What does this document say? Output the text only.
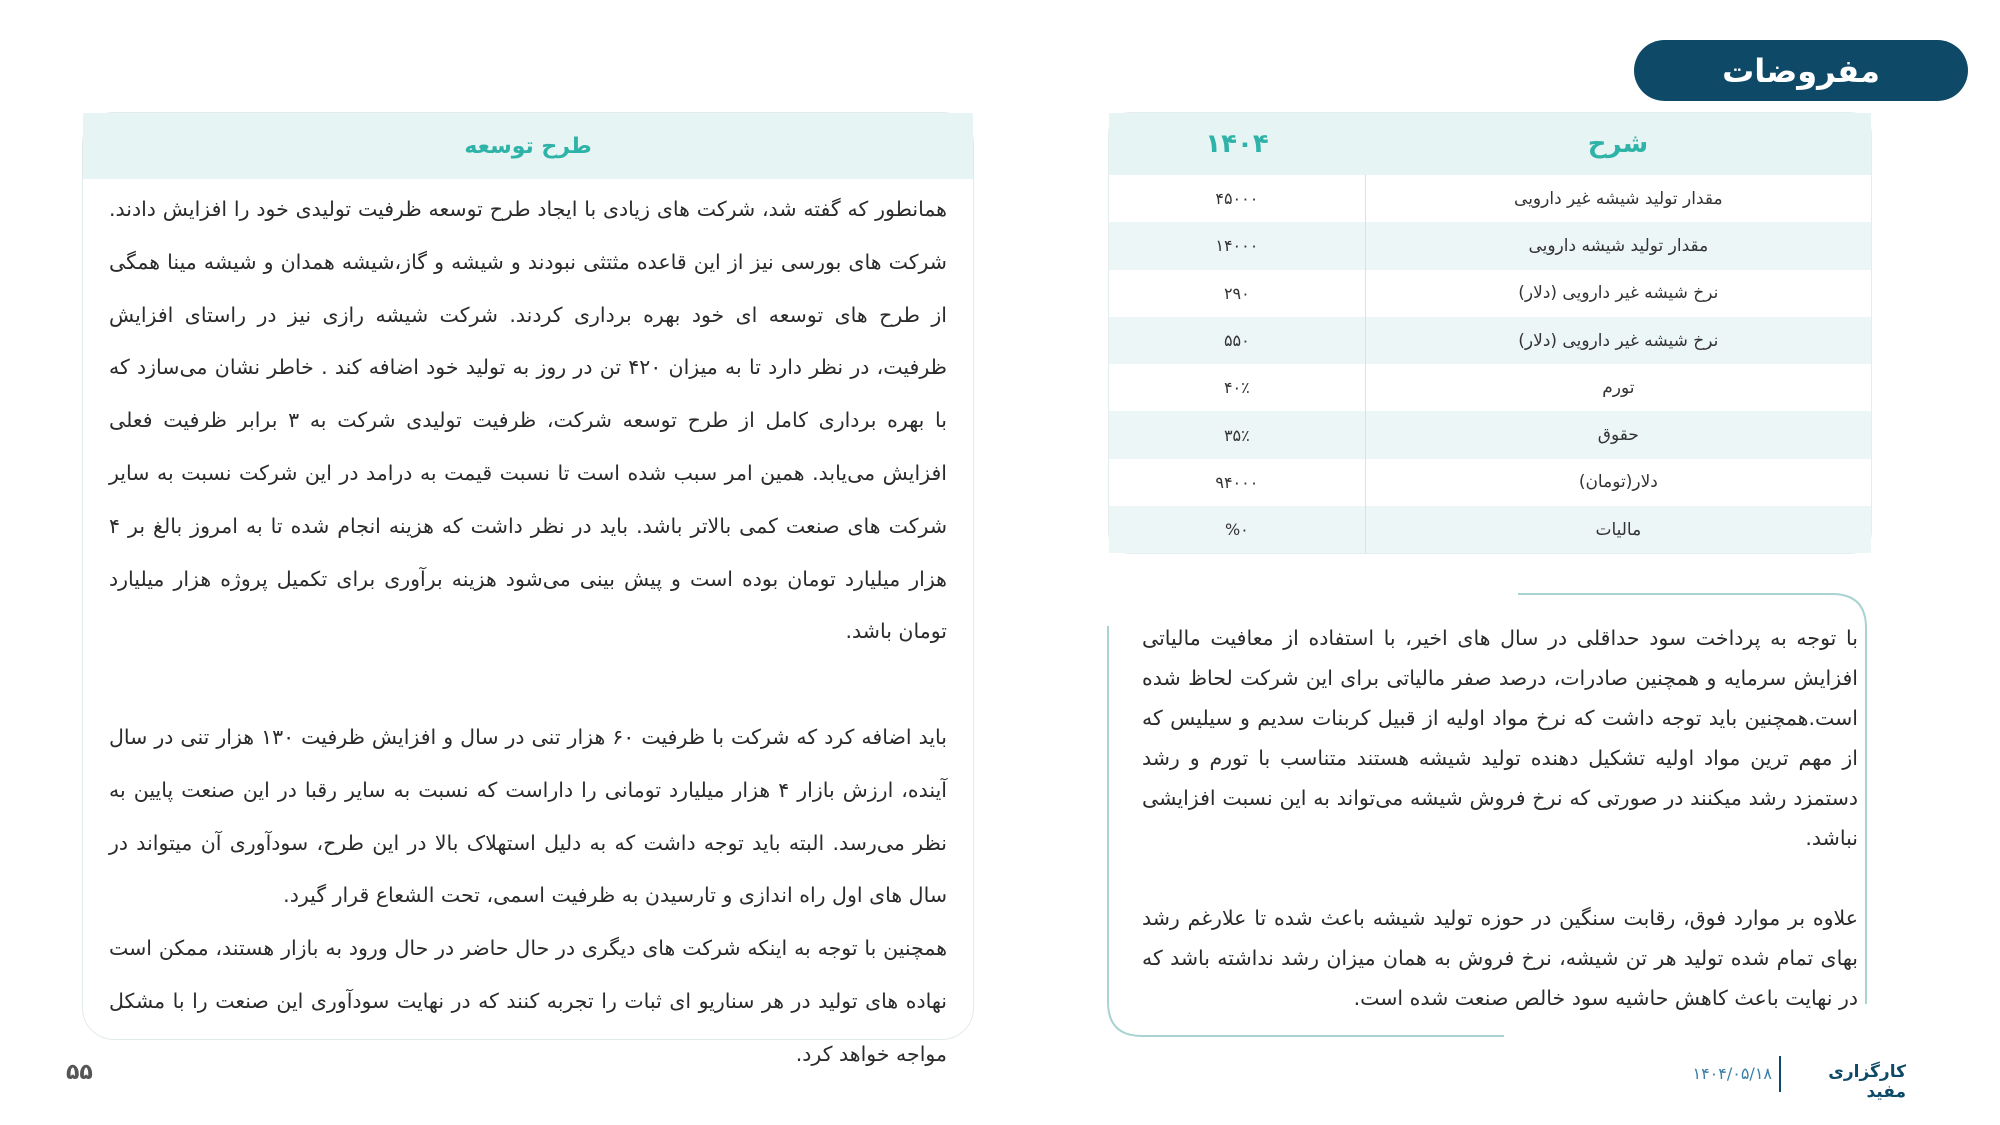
مفروضات
شرح
۱۴۰۴
مقدار تولید شیشه غیر دارویی
۴۵۰۰۰
مقدار تولید شیشه دارویی
۱۴۰۰۰
نرخ شیشه غیر دارویی (دلار)
۲۹۰
نرخ شیشه غیر دارویی (دلار)
۵۵۰
تورم
۴۰٪
حقوق
۳۵٪
دلار(تومان)
۹۴۰۰۰
مالیات
%۰

با توجه به پرداخت سود حداقلی در سال های اخیر، با استفاده از معافیت مالیاتی افزایش سرمایه و همچنین صادرات، درصد صفر مالیاتی برای این شرکت لحاظ شده است.همچنین باید توجه داشت که نرخ مواد اولیه از قبیل کربنات سدیم و سیلیس که از مهم ترین مواد اولیه تشکیل دهنده تولید شیشه هستند متناسب با تورم و رشد دستمزد رشد میکنند در صورتی که نرخ فروش شیشه می‌تواند به این نسبت افزایشی نباشد.

علاوه بر موارد فوق، رقابت سنگین در حوزه تولید شیشه باعث شده تا علارغم رشد بهای تمام شده تولید هر تن شیشه، نرخ فروش به همان میزان رشد نداشته باشد که در نهایت باعث کاهش حاشیه سود خالص صنعت شده است.

طرح توسعه

همانطور که گفته شد، شرکت های زیادی با ایجاد طرح توسعه ظرفیت تولیدی خود را افزایش دادند. شرکت های بورسی نیز از این قاعده مثتثی نبودند و شیشه و گاز،شیشه همدان و شیشه مینا همگی از طرح های توسعه ای خود بهره برداری کردند. شرکت شیشه رازی نیز در راستای افزایش ظرفیت، در نظر دارد تا به میزان ۴۲۰ تن در روز به تولید خود اضافه کند . خاطر نشان می‌سازد که با بهره برداری کامل از طرح توسعه شرکت، ظرفیت تولیدی شرکت به ۳ برابر ظرفیت فعلی افزایش می‌یابد. همین امر سبب شده است تا نسبت قیمت به درامد در این شرکت نسبت به سایر شرکت های صنعت کمی بالاتر باشد. باید در نظر داشت که هزینه انجام شده تا به امروز بالغ بر ۴ هزار میلیارد تومان بوده است و پیش بینی می‌شود هزینه برآوری برای تکمیل پروژه هزار میلیارد تومان باشد.

باید اضافه کرد که شرکت با ظرفیت ۶۰ هزار تنی در سال و افزایش ظرفیت ۱۳۰ هزار تنی در سال آینده، ارزش بازار ۴ هزار میلیارد تومانی را داراست که نسبت به سایر رقبا در این صنعت پایین به نظر می‌رسد. البته باید توجه داشت که به دلیل استهلاک بالا در این طرح، سودآوری آن میتواند در سال های اول راه اندازی و تارسیدن به ظرفیت اسمی، تحت الشعاع قرار گیرد.

همچنین با توجه به اینکه شرکت های دیگری در حال حاضر در حال ورود به بازار هستند، ممکن است نهاده های تولید در هر سناریو ای ثبات را تجربه کنند که در نهایت سودآوری این صنعت را با مشکل مواجه خواهد کرد.

کارگزاری مفید
۱۴۰۴/۰۵/۱۸
۵۵
